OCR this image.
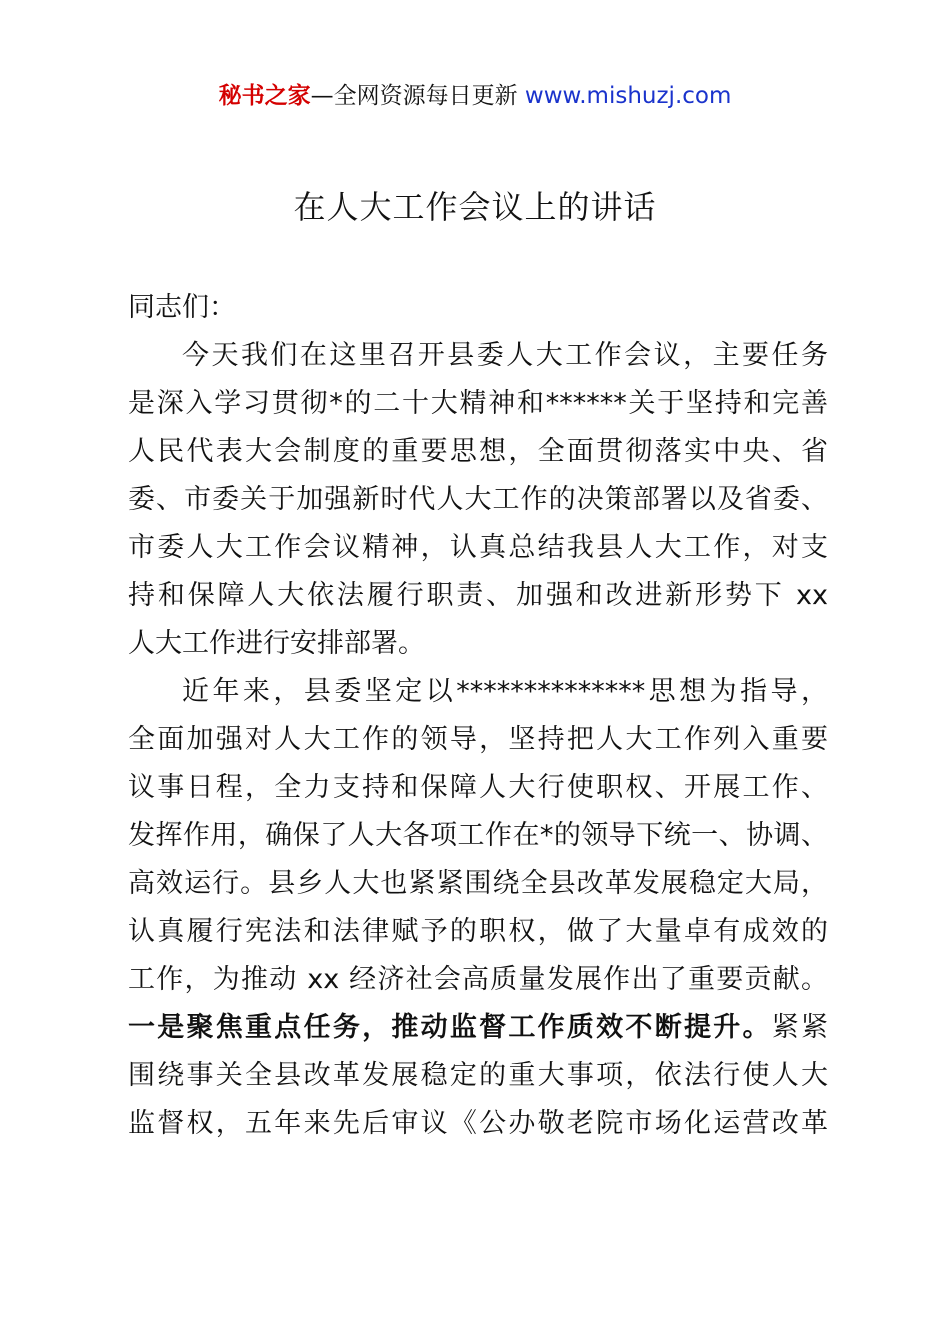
秘书之家—全网资源每日更新 www.mishuzj.com
在人大工作会议上的讲话
同志们：
今天我们在这里召开县委人大工作会议，主要任务
是深入学习贯彻*的二十大精神和******关于坚持和完善
人民代表大会制度的重要思想，全面贯彻落实中央、省
委、市委关于加强新时代人大工作的决策部署以及省委、
市委人大工作会议精神，认真总结我县人大工作，对支
持和保障人大依法履行职责、加强和改进新形势下 xx
人大工作进行安排部署。
近年来，县委坚定以**************思想为指导，
全面加强对人大工作的领导，坚持把人大工作列入重要
议事日程，全力支持和保障人大行使职权、开展工作、
发挥作用，确保了人大各项工作在*的领导下统一、协调、
高效运行。县乡人大也紧紧围绕全县改革发展稳定大局，
认真履行宪法和法律赋予的职权，做了大量卓有成效的
工作，为推动 xx 经济社会高质量发展作出了重要贡献。
一是聚焦重点任务，推动监督工作质效不断提升。紧紧
围绕事关全县改革发展稳定的重大事项，依法行使人大
监督权，五年来先后审议《公办敬老院市场化运营改革
